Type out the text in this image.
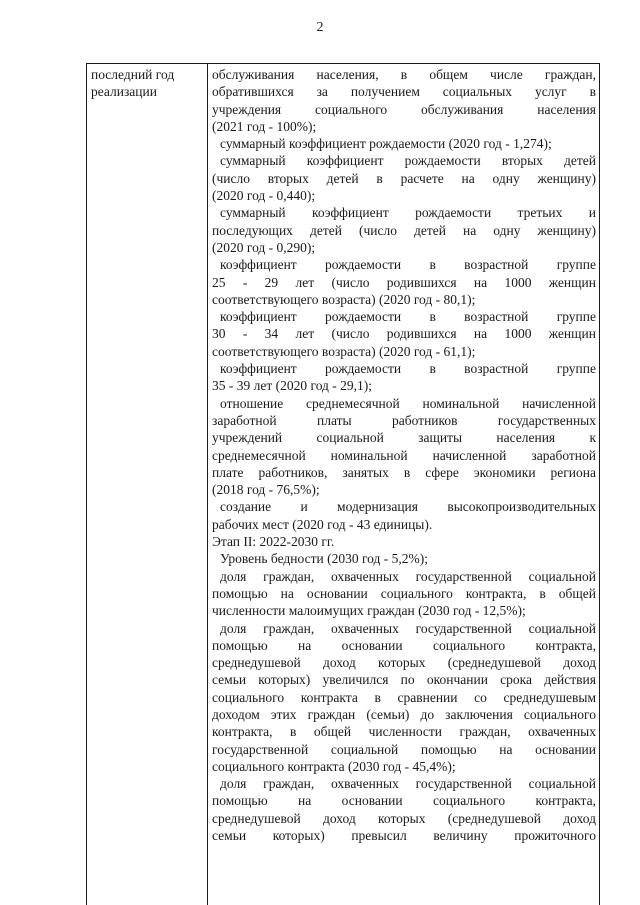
2
последний год
реализации
обслуживания населения, в общем числе граждан,
обратившихся за получением социальных услуг в
учреждения социального обслуживания населения
(2021 год - 100%);
суммарный коэффициент рождаемости (2020 год - 1,274);
суммарный коэффициент рождаемости вторых детей
(число вторых детей в расчете на одну женщину)
(2020 год - 0,440);
суммарный коэффициент рождаемости третьих и
последующих детей (число детей на одну женщину)
(2020 год - 0,290);
коэффициент рождаемости в возрастной группе
25 - 29 лет (число родившихся на 1000 женщин
соответствующего возраста) (2020 год - 80,1);
коэффициент рождаемости в возрастной группе
30 - 34 лет (число родившихся на 1000 женщин
соответствующего возраста) (2020 год - 61,1);
коэффициент рождаемости в возрастной группе
35 - 39 лет (2020 год - 29,1);
отношение среднемесячной номинальной начисленной
заработной платы работников государственных
учреждений социальной защиты населения к
среднемесячной номинальной начисленной заработной
плате работников, занятых в сфере экономики региона
(2018 год - 76,5%);
создание и модернизация высокопроизводительных
рабочих мест (2020 год - 43 единицы).
Этап II: 2022-2030 гг.
Уровень бедности (2030 год - 5,2%);
доля граждан, охваченных государственной социальной
помощью на основании социального контракта, в общей
численности малоимущих граждан (2030 год - 12,5%);
доля граждан, охваченных государственной социальной
помощью на основании социального контракта,
среднедушевой доход которых (среднедушевой доход
семьи которых) увеличился по окончании срока действия
социального контракта в сравнении со среднедушевым
доходом этих граждан (семьи) до заключения социального
контракта, в общей численности граждан, охваченных
государственной социальной помощью на основании
социального контракта (2030 год - 45,4%);
доля граждан, охваченных государственной социальной
помощью на основании социального контракта,
среднедушевой доход которых (среднедушевой доход
семьи которых) превысил величину прожиточного
